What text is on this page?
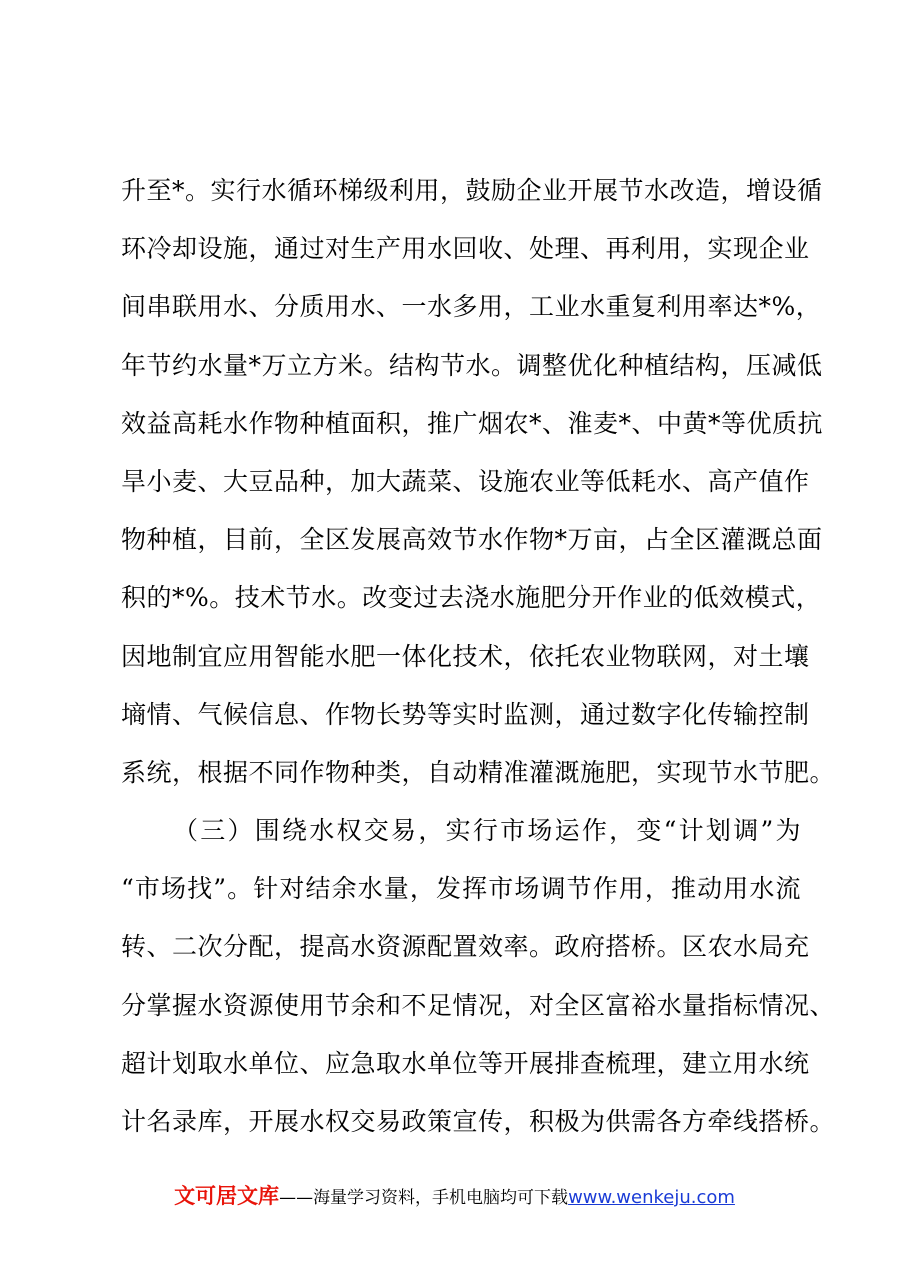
升至*。实行水循环梯级利用，鼓励企业开展节水改造，增设循
环冷却设施，通过对生产用水回收、处理、再利用，实现企业
间串联用水、分质用水、一水多用，工业水重复利用率达*%，
年节约水量*万立方米。结构节水。调整优化种植结构，压减低
效益高耗水作物种植面积，推广烟农*、淮麦*、中黄*等优质抗
旱小麦、大豆品种，加大蔬菜、设施农业等低耗水、高产值作
物种植，目前，全区发展高效节水作物*万亩，占全区灌溉总面
积的*%。技术节水。改变过去浇水施肥分开作业的低效模式，
因地制宜应用智能水肥一体化技术，依托农业物联网，对土壤
墒情、气候信息、作物长势等实时监测，通过数字化传输控制
系统，根据不同作物种类，自动精准灌溉施肥，实现节水节肥。
（三）围绕水权交易，实行市场运作，变“计划调”为
“市场找”。针对结余水量，发挥市场调节作用，推动用水流
转、二次分配，提高水资源配置效率。政府搭桥。区农水局充
分掌握水资源使用节余和不足情况，对全区富裕水量指标情况、
超计划取水单位、应急取水单位等开展排查梳理，建立用水统
计名录库，开展水权交易政策宣传，积极为供需各方牵线搭桥。
文可居文库——海量学习资料，手机电脑均可下载www.wenkeju.com
